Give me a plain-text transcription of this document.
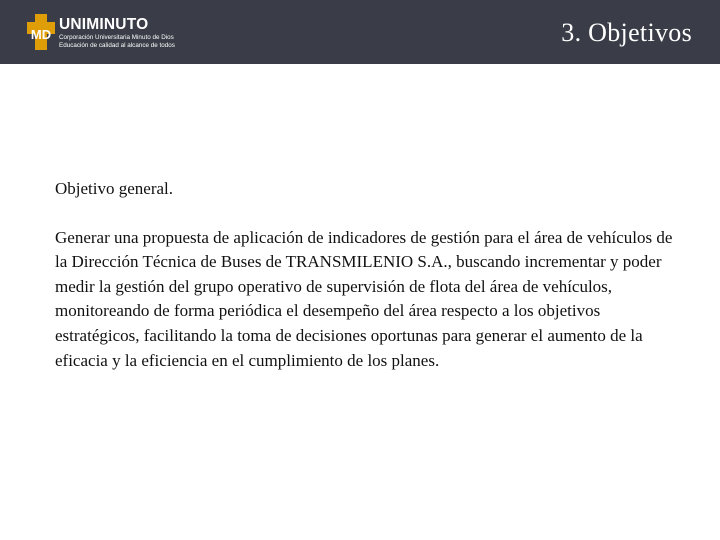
MD
UNIMINUTO
Corporación Universitaria Minuto de Dios
Educación de calidad al alcance de todos	3. Objetivos

Objetivo general.

Generar una propuesta de aplicación de indicadores de gestión para el área de vehículos de la Dirección Técnica de Buses de TRANSMILENIO S.A., buscando incrementar y poder medir la gestión del grupo operativo de supervisión de flota del área de vehículos, monitoreando de forma periódica el desempeño del área respecto a los objetivos estratégicos, facilitando la toma de decisiones oportunas para generar el aumento de la eficacia y la eficiencia en el cumplimiento de los planes.
